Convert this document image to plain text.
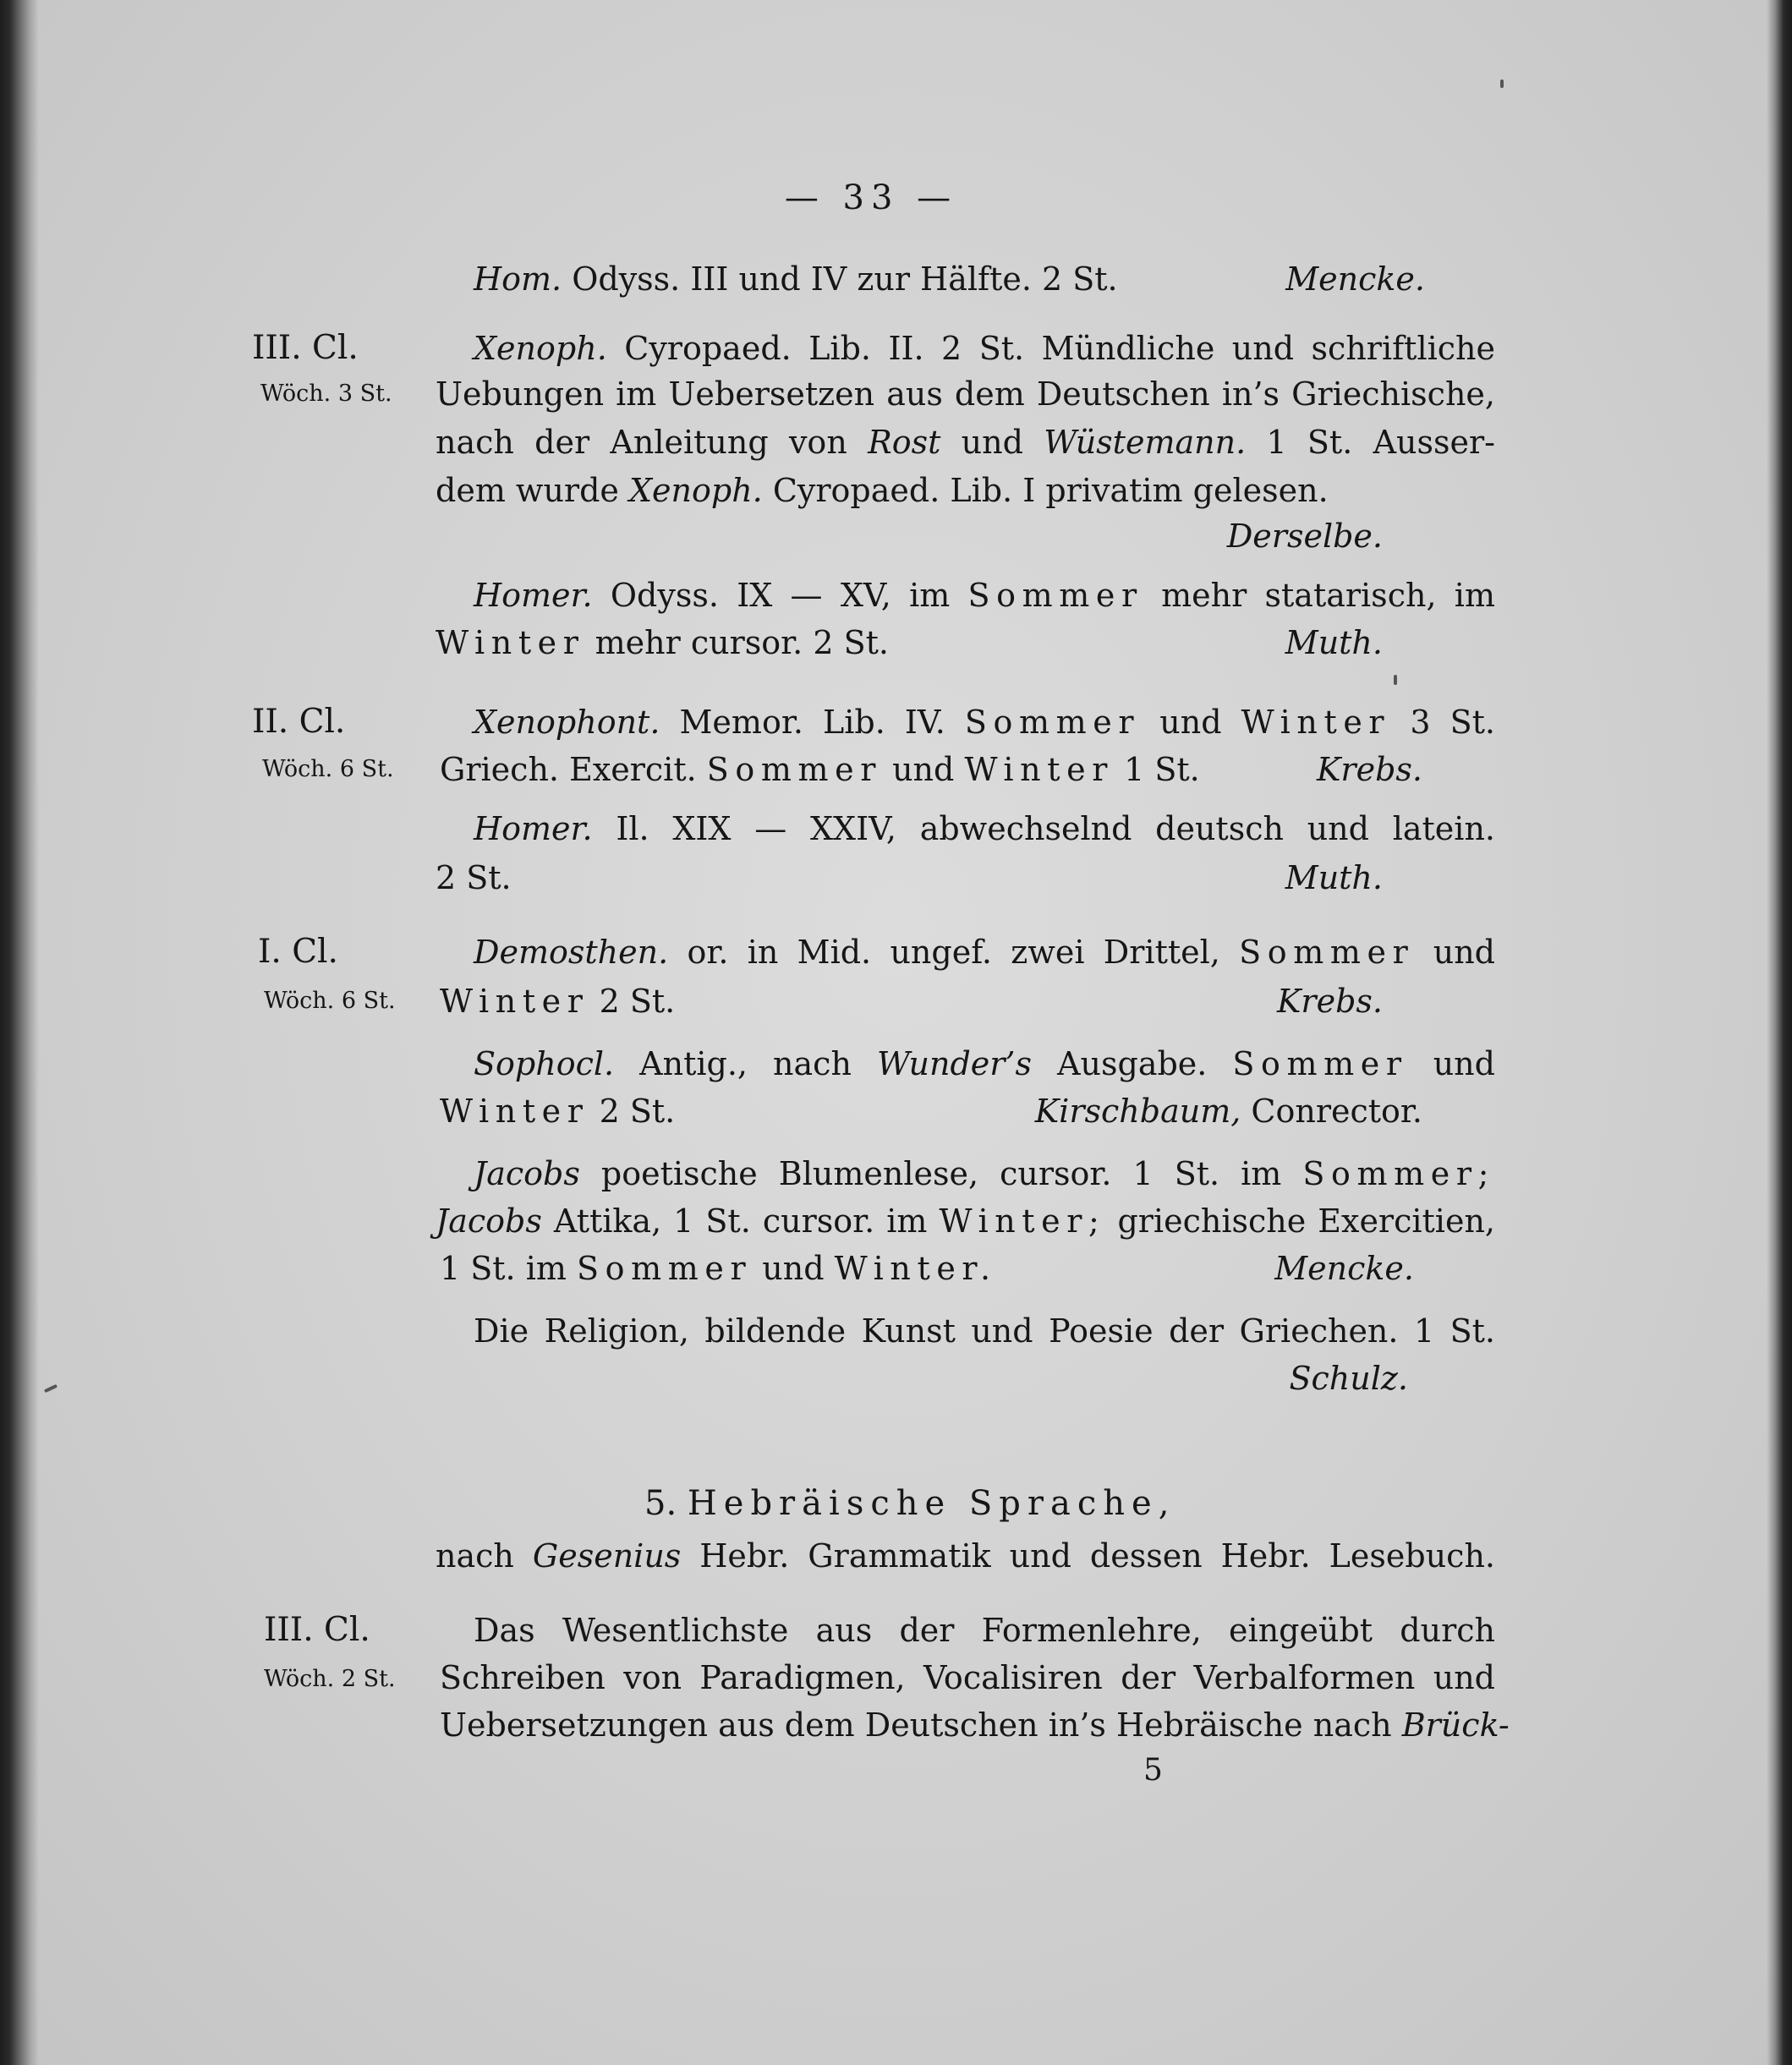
— 33 —
Hom. Odyss. III und IV zur Hälfte. 2 St.	Mencke.
III. Cl.
Wöch. 3 St.
Xenoph. Cyropaed. Lib. II. 2 St. Mündliche und schriftliche
Uebungen im Uebersetzen aus dem Deutschen in’s Griechische,
nach der Anleitung von Rost und Wüstemann. 1 St. Ausser-
dem wurde Xenoph. Cyropaed. Lib. I privatim gelesen.
Derselbe.
Homer. Odyss. IX — XV, im Sommer mehr statarisch, im
Winter mehr cursor. 2 St.	Muth.
II. Cl.
Wöch. 6 St.
Xenophont. Memor. Lib. IV. Sommer und Winter 3 St.
Griech. Exercit. Sommer und Winter 1 St.	Krebs.
Homer. Il. XIX — XXIV, abwechselnd deutsch und latein.
2 St.	Muth.
I. Cl.
Wöch. 6 St.
Demosthen. or. in Mid. ungef. zwei Drittel, Sommer und
Winter 2 St.	Krebs.
Sophocl. Antig., nach Wunder’s Ausgabe. Sommer und
Winter 2 St.	Kirschbaum, Conrector.
Jacobs poetische Blumenlese, cursor. 1 St. im Sommer;
Jacobs Attika, 1 St. cursor. im Winter; griechische Exercitien,
1 St. im Sommer und Winter.	Mencke.
Die Religion, bildende Kunst und Poesie der Griechen. 1 St.
Schulz.
5. Hebräische Sprache,
nach Gesenius Hebr. Grammatik und dessen Hebr. Lesebuch.
III. Cl.
Wöch. 2 St.
Das Wesentlichste aus der Formenlehre, eingeübt durch
Schreiben von Paradigmen, Vocalisiren der Verbalformen und
Uebersetzungen aus dem Deutschen in’s Hebräische nach Brück-
5
